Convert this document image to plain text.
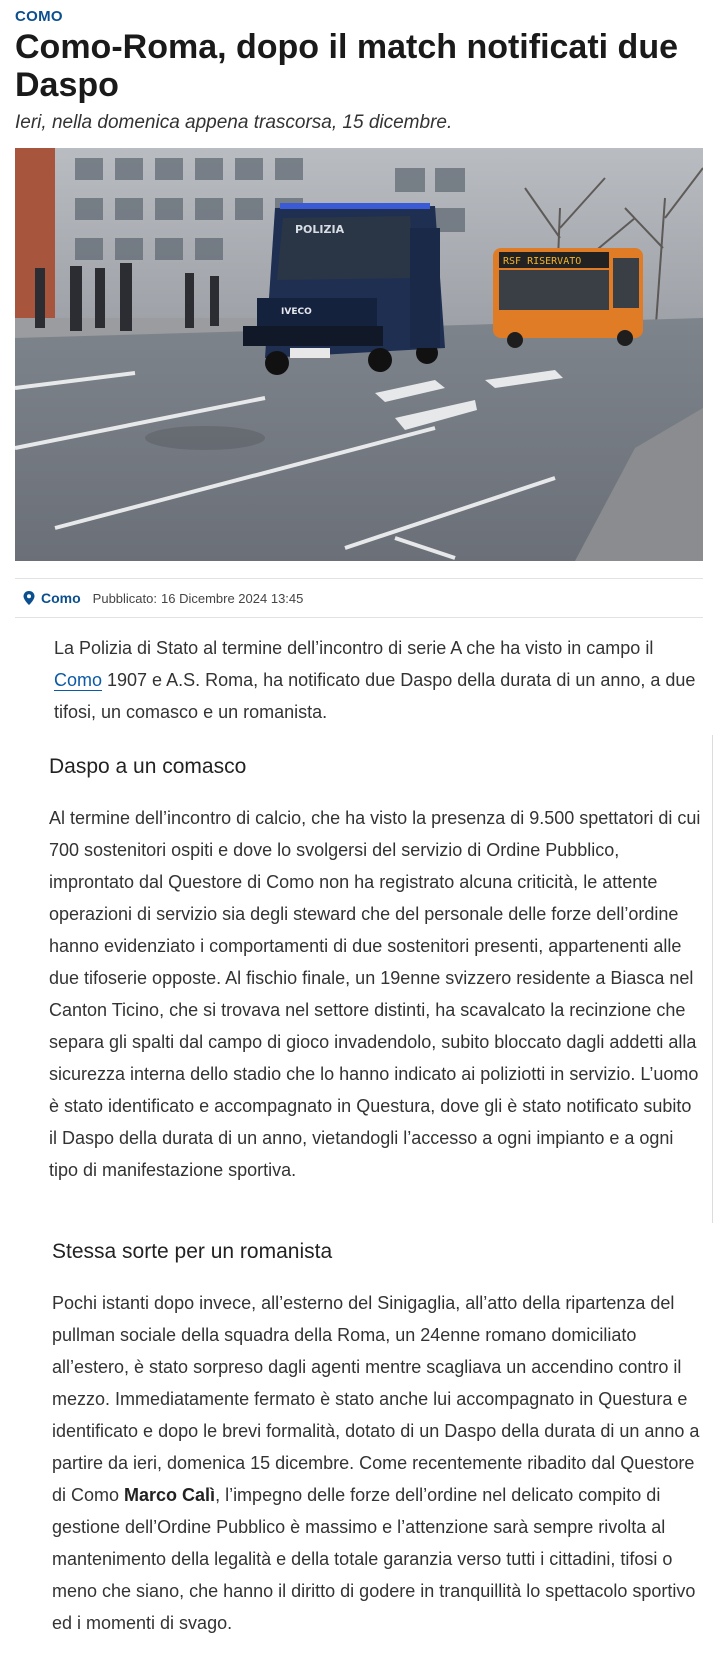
COMO
Como-Roma, dopo il match notificati due Daspo

Ieri, nella domenica appena trascorsa, 15 dicembre.

RSF RISERVATO
POLIZIA
IVECO
Como Pubblicato: 16 Dicembre 2024 13:45

La Polizia di Stato al termine dell’incontro di serie A che ha visto in campo il Como 1907 e A.S. Roma, ha notificato due Daspo della durata di un anno, a due tifosi, un comasco e un romanista.

Daspo a un comasco

Al termine dell’incontro di calcio, che ha visto la presenza di 9.500 spettatori di cui 700 sostenitori ospiti e dove lo svolgersi del servizio di Ordine Pubblico, improntato dal Questore di Como non ha registrato alcuna criticità, le attente operazioni di servizio sia degli steward che del personale delle forze dell’ordine hanno evidenziato i comportamenti di due sostenitori presenti, appartenenti alle due tifoserie opposte. Al fischio finale, un 19enne svizzero residente a Biasca nel Canton Ticino, che si trovava nel settore distinti, ha scavalcato la recinzione che separa gli spalti dal campo di gioco invadendolo, subito bloccato dagli addetti alla sicurezza interna dello stadio che lo hanno indicato ai poliziotti in servizio. L’uomo è stato identificato e accompagnato in Questura, dove gli è stato notificato subito il Daspo della durata di un anno, vietandogli l’accesso a ogni impianto e a ogni tipo di manifestazione sportiva.

Stessa sorte per un romanista

Pochi istanti dopo invece, all’esterno del Sinigaglia, all’atto della ripartenza del pullman sociale della squadra della Roma, un 24enne romano domiciliato all’estero, è stato sorpreso dagli agenti mentre scagliava un accendino contro il mezzo. Immediatamente fermato è stato anche lui accompagnato in Questura e identificato e dopo le brevi formalità, dotato di un Daspo della durata di un anno a partire da ieri, domenica 15 dicembre. Come recentemente ribadito dal Questore di Como Marco Calì, l’impegno delle forze dell’ordine nel delicato compito di gestione dell’Ordine Pubblico è massimo e l’attenzione sarà sempre rivolta al mantenimento della legalità e della totale garanzia verso tutti i cittadini, tifosi o meno che siano, che hanno il diritto di godere in tranquillità lo spettacolo sportivo ed i momenti di svago.
